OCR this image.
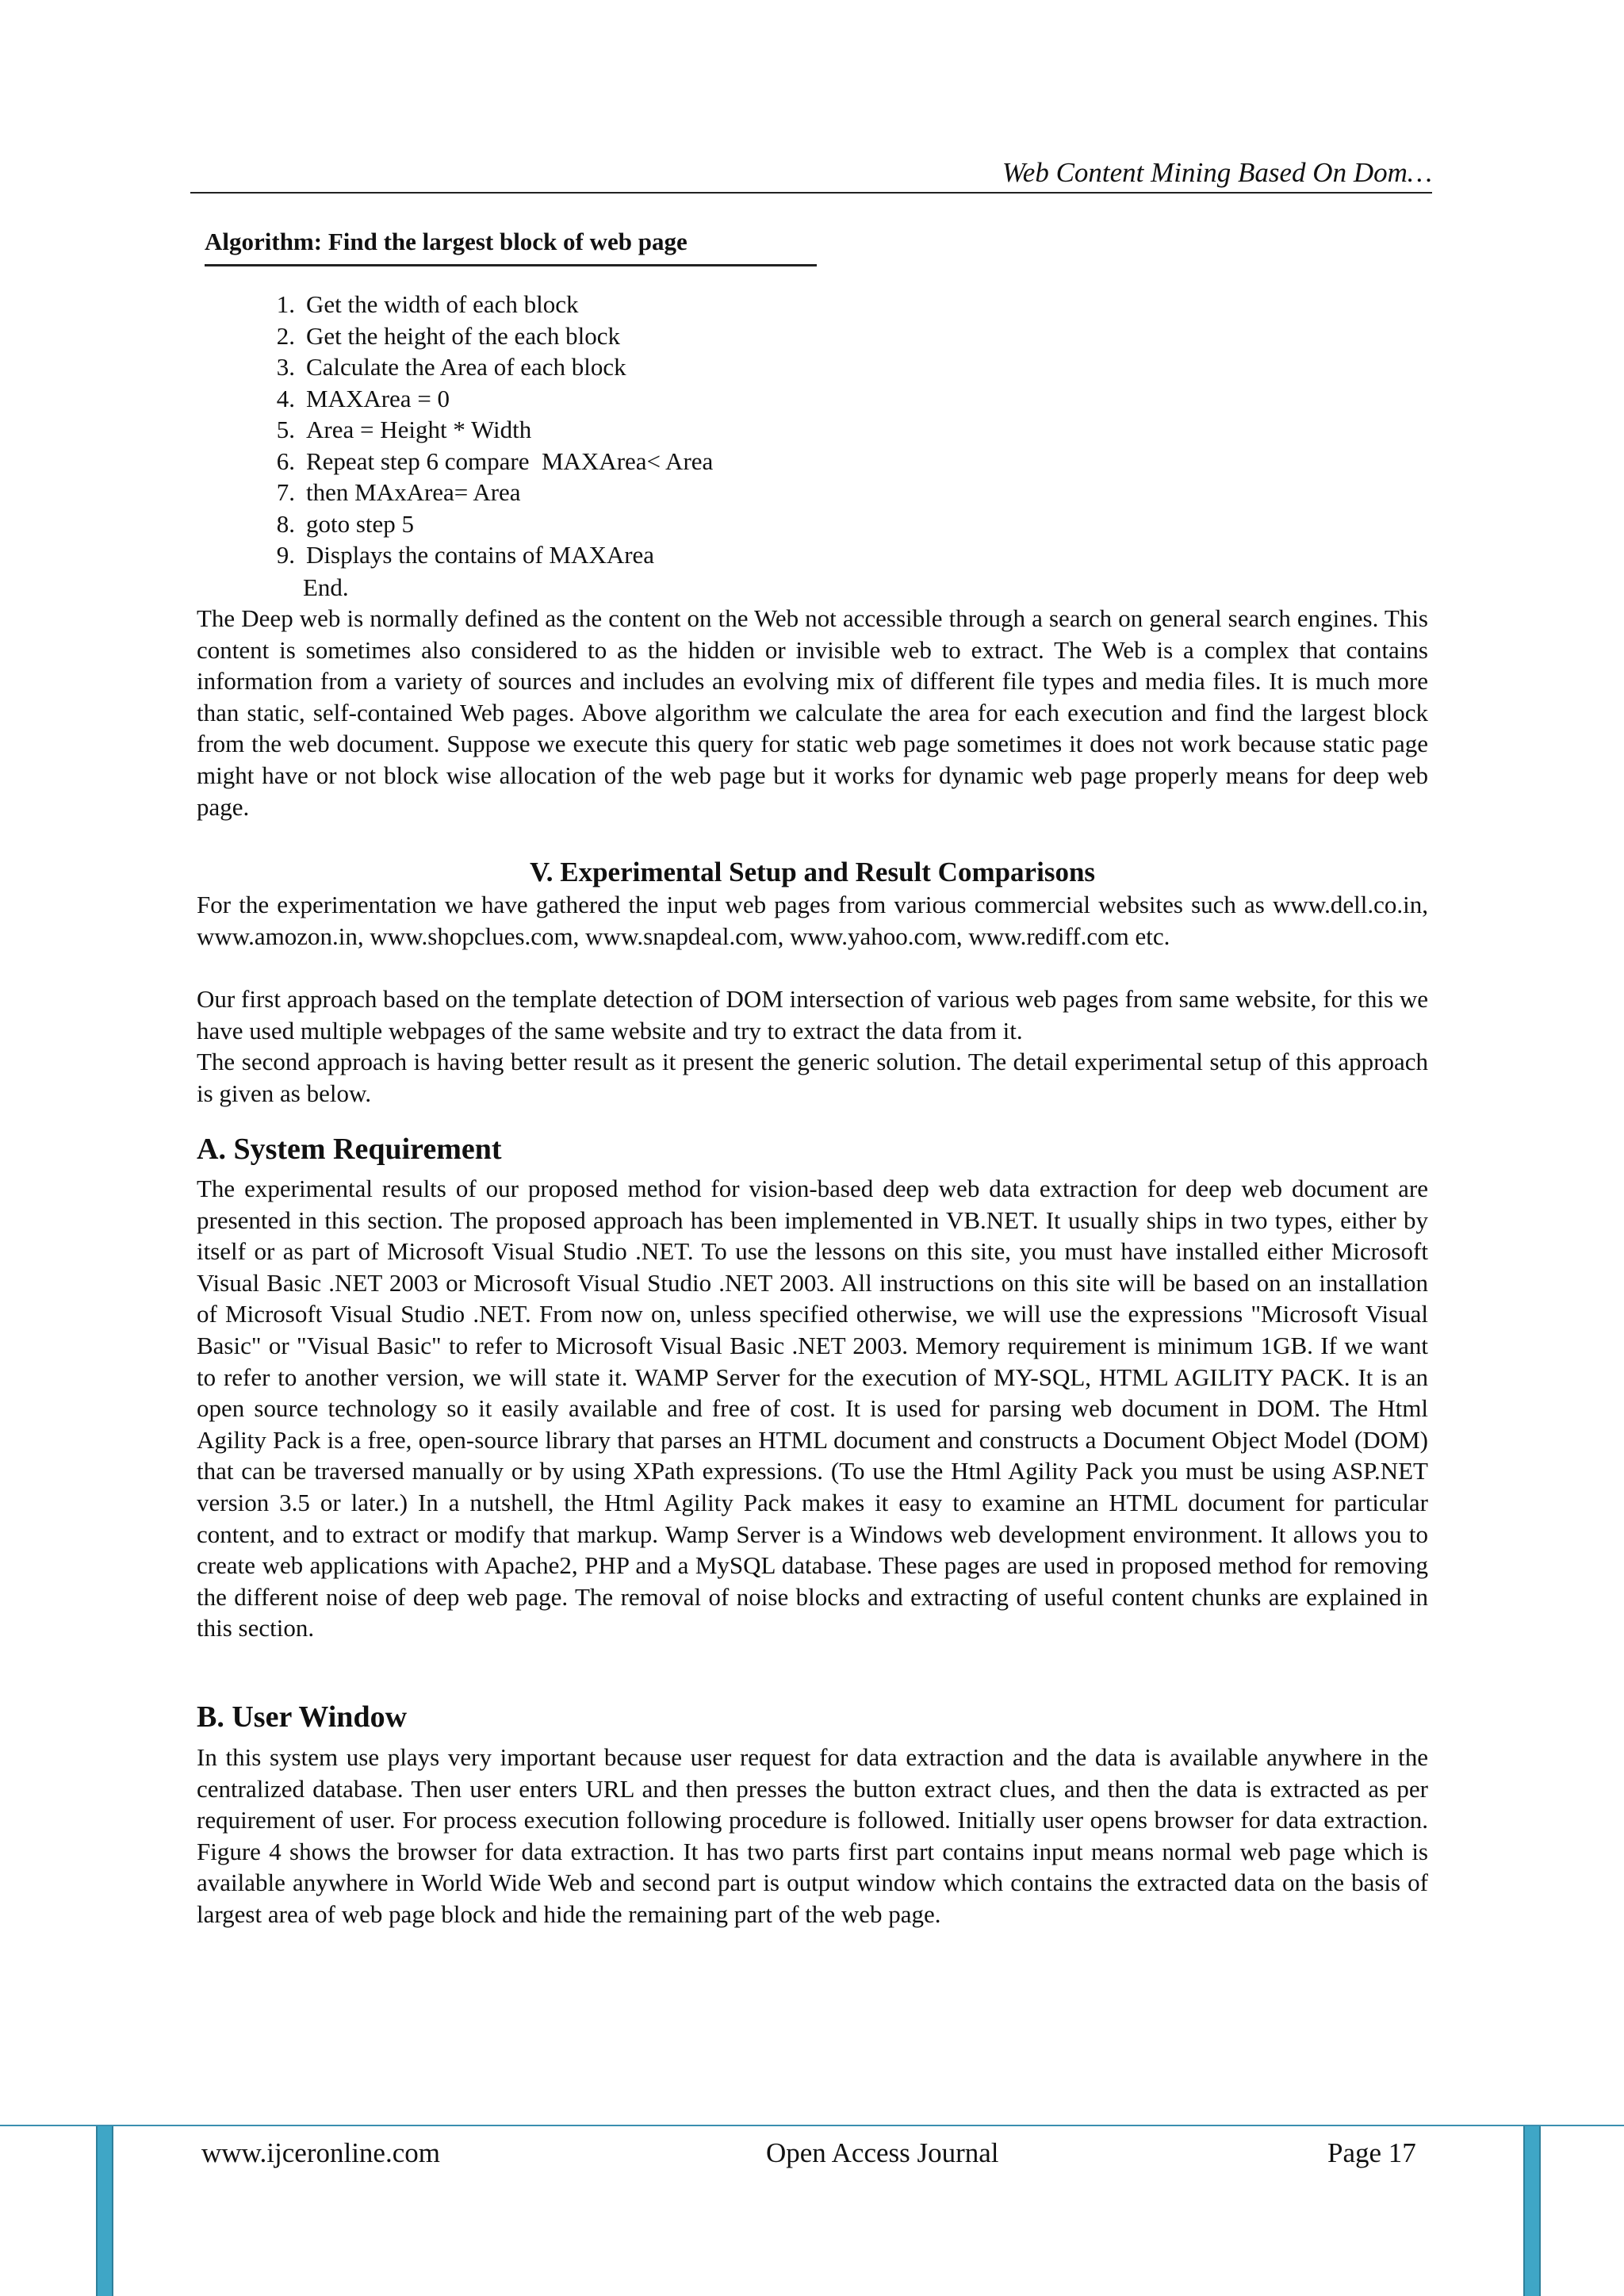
Web Content Mining Based On Dom…
Algorithm: Find the largest block of web page
1. Get the width of each block
2. Get the height of the each block
3. Calculate the Area of each block
4. MAXArea = 0
5. Area = Height * Width
6. Repeat step 6 compare  MAXArea< Area
7. then MAxArea= Area
8. goto step 5
9. Displays the contains of MAXArea
End.

The Deep web is normally defined as the content on the Web not accessible through a search on general search engines. This content is sometimes also considered to as the hidden or invisible web to extract. The Web is a complex that contains information from a variety of sources and includes an evolving mix of different file types and media files. It is much more than static, self-contained Web pages. Above algorithm we calculate the area for each execution and find the largest block from the web document. Suppose we execute this query for static web page sometimes it does not work because static page might have or not block wise allocation of the web page but it works for dynamic web page properly means for deep web page.

V. Experimental Setup and Result Comparisons

For the experimentation we have gathered the input web pages from various commercial websites such as www.dell.co.in, www.amozon.in, www.shopclues.com, www.snapdeal.com, www.yahoo.com, www.rediff.com etc.

Our first approach based on the template detection of DOM intersection of various web pages from same website, for this we have used multiple webpages of the same website and try to extract the data from it.

The second approach is having better result as it present the generic solution. The detail experimental setup of this approach is given as below.

A. System Requirement

The experimental results of our proposed method for vision-based deep web data extraction for deep web document are presented in this section. The proposed approach has been implemented in VB.NET. It usually ships in two types, either by itself or as part of Microsoft Visual Studio .NET. To use the lessons on this site, you must have installed either Microsoft Visual Basic .NET 2003 or Microsoft Visual Studio .NET 2003. All instructions on this site will be based on an installation of Microsoft Visual Studio .NET. From now on, unless specified otherwise, we will use the expressions "Microsoft Visual Basic" or "Visual Basic" to refer to Microsoft Visual Basic .NET 2003. Memory requirement is minimum 1GB. If we want to refer to another version, we will state it. WAMP Server for the execution of MY-SQL, HTML AGILITY PACK. It is an open source technology so it easily available and free of cost. It is used for parsing web document in DOM. The Html Agility Pack is a free, open-source library that parses an HTML document and constructs a Document Object Model (DOM) that can be traversed manually or by using XPath expressions. (To use the Html Agility Pack you must be using ASP.NET version 3.5 or later.) In a nutshell, the Html Agility Pack makes it easy to examine an HTML document for particular content, and to extract or modify that markup. Wamp Server is a Windows web development environment. It allows you to create web applications with Apache2, PHP and a MySQL database. These pages are used in proposed method for removing the different noise of deep web page. The removal of noise blocks and extracting of useful content chunks are explained in this section.

B. User Window

In this system use plays very important because user request for data extraction and the data is available anywhere in the centralized database. Then user enters URL and then presses the button extract clues, and then the data is extracted as per requirement of user. For process execution following procedure is followed. Initially user opens browser for data extraction. Figure 4 shows the browser for data extraction. It has two parts first part contains input means normal web page which is available anywhere in World Wide Web and second part is output window which contains the extracted data on the basis of largest area of web page block and hide the remaining part of the web page.

www.ijceronline.com	Open Access Journal	Page 17
